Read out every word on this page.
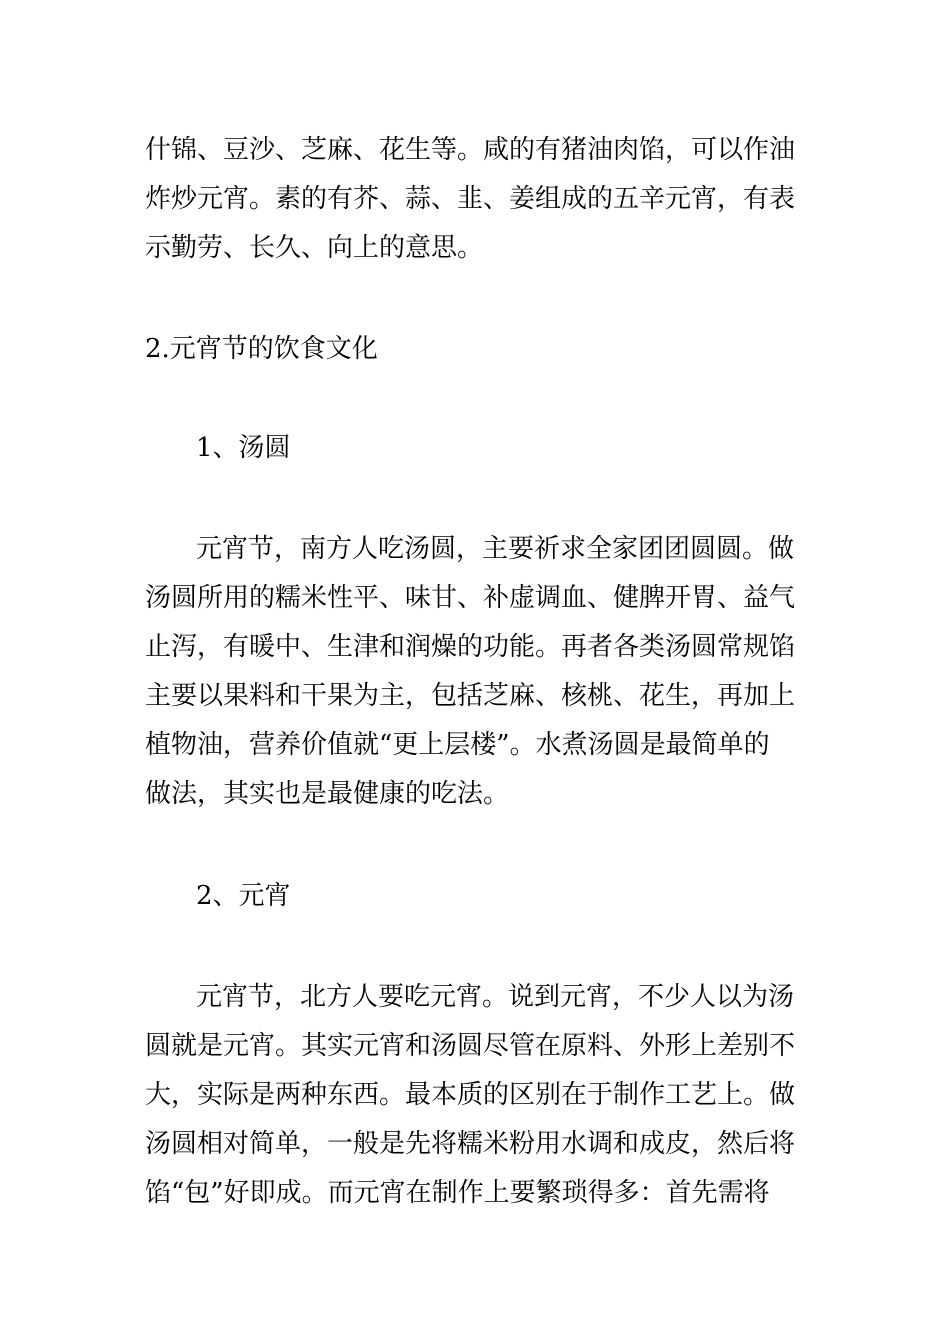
什锦、豆沙、芝麻、花生等。咸的有猪油肉馅，可以作油
炸炒元宵。素的有芥、蒜、韭、姜组成的五辛元宵，有表
示勤劳、长久、向上的意思。
2.元宵节的饮食文化
1、汤圆
元宵节，南方人吃汤圆，主要祈求全家团团圆圆。做
汤圆所用的糯米性平、味甘、补虚调血、健脾开胃、益气
止泻，有暖中、生津和润燥的功能。再者各类汤圆常规馅
主要以果料和干果为主，包括芝麻、核桃、花生，再加上
植物油，营养价值就“更上层楼”。水煮汤圆是最简单的
做法，其实也是最健康的吃法。
2、元宵
元宵节，北方人要吃元宵。说到元宵，不少人以为汤
圆就是元宵。其实元宵和汤圆尽管在原料、外形上差别不
大，实际是两种东西。最本质的区别在于制作工艺上。做
汤圆相对简单，一般是先将糯米粉用水调和成皮，然后将
馅“包”好即成。而元宵在制作上要繁琐得多：首先需将
